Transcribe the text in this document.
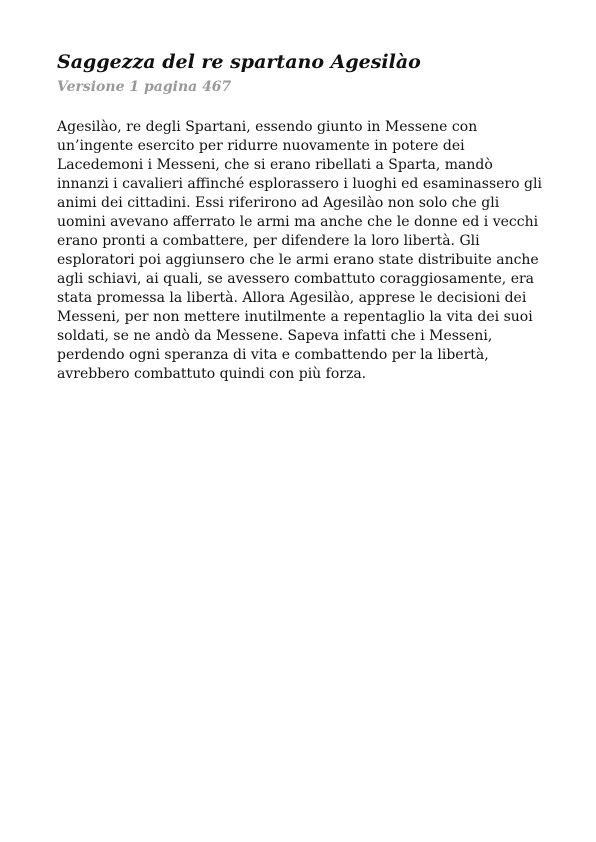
Saggezza del re spartano Agesilào

Versione 1 pagina 467

Agesilào, re degli Spartani, essendo giunto in Messene con
un’ingente esercito per ridurre nuovamente in potere dei
Lacedemoni i Messeni, che si erano ribellati a Sparta, mandò
innanzi i cavalieri affinché esplorassero i luoghi ed esaminassero gli
animi dei cittadini. Essi riferirono ad Agesilào non solo che gli
uomini avevano afferrato le armi ma anche che le donne ed i vecchi
erano pronti a combattere, per difendere la loro libertà. Gli
esploratori poi aggiunsero che le armi erano state distribuite anche
agli schiavi, ai quali, se avessero combattuto coraggiosamente, era
stata promessa la libertà. Allora Agesilào, apprese le decisioni dei
Messeni, per non mettere inutilmente a repentaglio la vita dei suoi
soldati, se ne andò da Messene. Sapeva infatti che i Messeni,
perdendo ogni speranza di vita e combattendo per la libertà,
avrebbero combattuto quindi con più forza.
